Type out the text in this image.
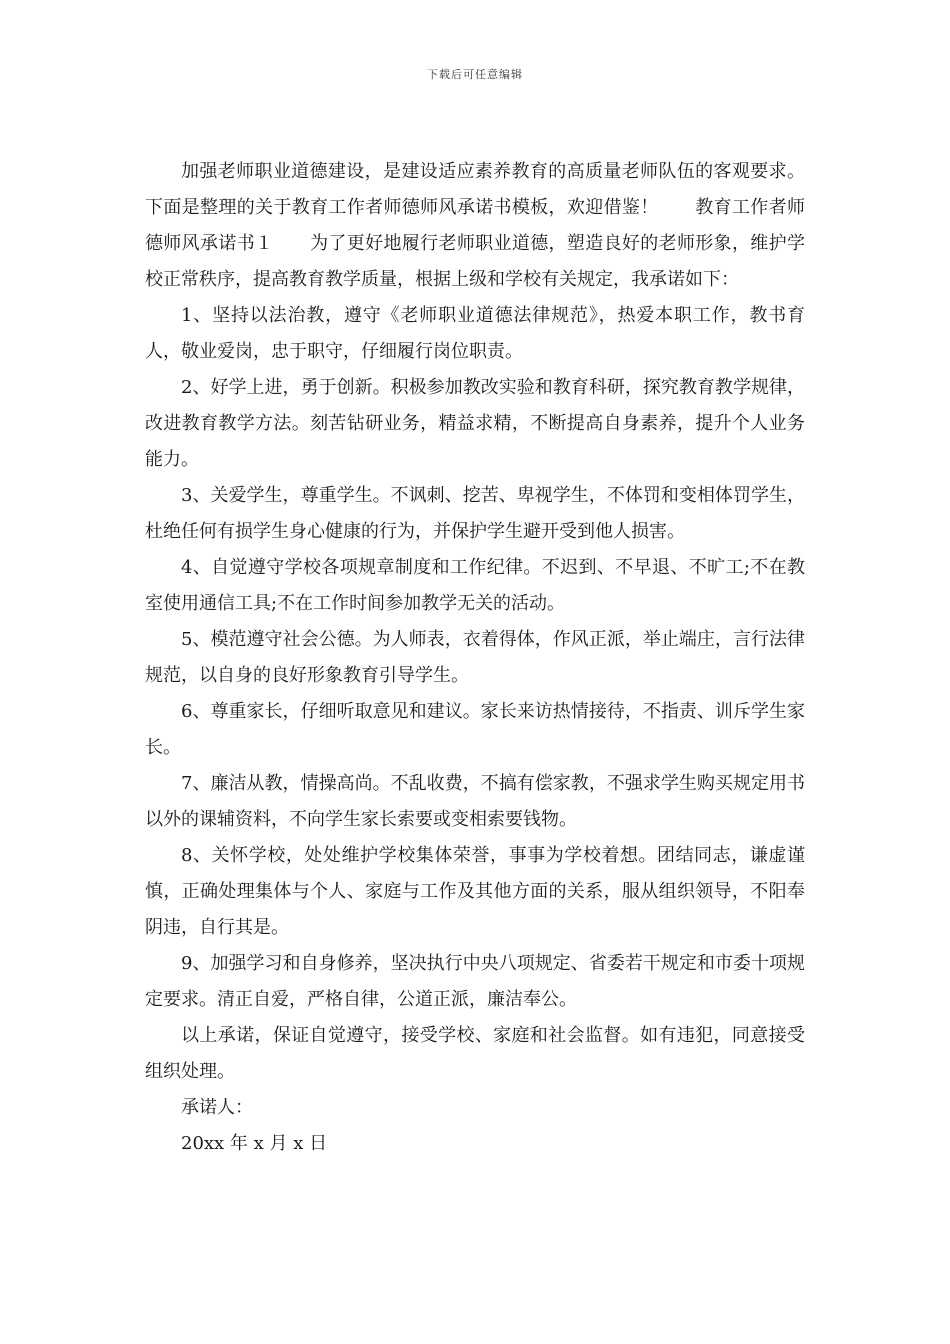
下载后可任意编辑

加强老师职业道德建设，是建设适应素养教育的高质量老师队伍的客观要求。下面是整理的关于教育工作者师德师风承诺书模板，欢迎借鉴！　　教育工作者师德师风承诺书１　　为了更好地履行老师职业道德，塑造良好的老师形象，维护学校正常秩序，提高教育教学质量，根据上级和学校有关规定，我承诺如下：

1、坚持以法治教，遵守《老师职业道德法律规范》，热爱本职工作，教书育人，敬业爱岗，忠于职守，仔细履行岗位职责。

2、好学上进，勇于创新。积极参加教改实验和教育科研，探究教育教学规律，改进教育教学方法。刻苦钻研业务，精益求精，不断提高自身素养，提升个人业务能力。

3、关爱学生，尊重学生。不讽刺、挖苦、卑视学生，不体罚和变相体罚学生，杜绝任何有损学生身心健康的行为，并保护学生避开受到他人损害。

4、自觉遵守学校各项规章制度和工作纪律。不迟到、不早退、不旷工;不在教室使用通信工具;不在工作时间参加教学无关的活动。

5、模范遵守社会公德。为人师表，衣着得体，作风正派，举止端庄，言行法律规范，以自身的良好形象教育引导学生。

6、尊重家长，仔细听取意见和建议。家长来访热情接待，不指责、训斥学生家长。

7、廉洁从教，情操高尚。不乱收费，不搞有偿家教，不强求学生购买规定用书以外的课辅资料，不向学生家长索要或变相索要钱物。

8、关怀学校，处处维护学校集体荣誉，事事为学校着想。团结同志，谦虚谨慎，正确处理集体与个人、家庭与工作及其他方面的关系，服从组织领导，不阳奉阴违，自行其是。

9、加强学习和自身修养，坚决执行中央八项规定、省委若干规定和市委十项规定要求。清正自爱，严格自律，公道正派，廉洁奉公。

以上承诺，保证自觉遵守，接受学校、家庭和社会监督。如有违犯，同意接受组织处理。

承诺人：

20xx 年 x 月 x 日
